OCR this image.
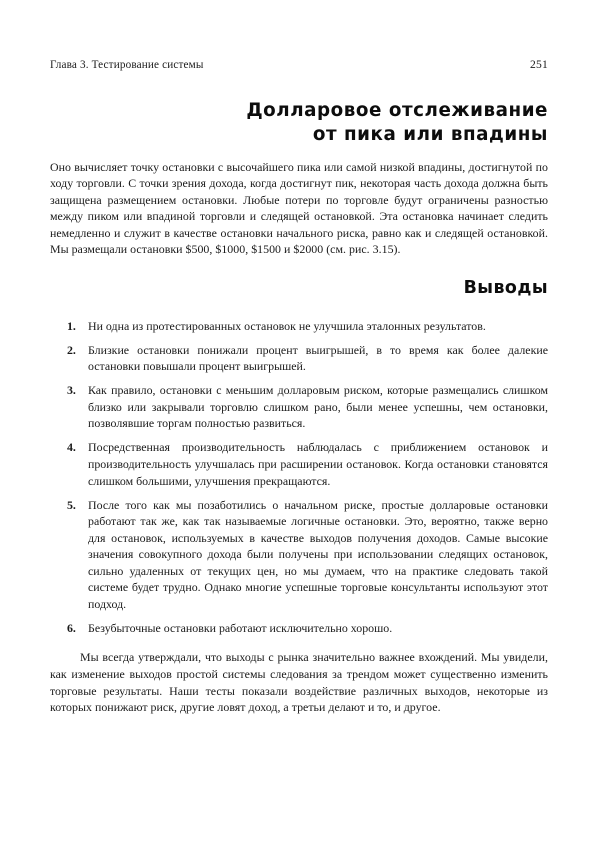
Глава 3. Тестирование системы	251
Долларовое отслеживание
от пика или впадины

Оно вычисляет точку остановки с высочайшего пика или самой низкой впадины, достигнутой по ходу торговли. С точки зрения дохода, когда достигнут пик, некоторая часть дохода должна быть защищена размещением остановки. Любые потери по торговле будут ограничены разностью между пиком или впадиной торговли и следящей остановкой. Эта остановка начинает следить немедленно и служит в качестве остановки начального риска, равно как и следящей остановкой. Мы размещали остановки $500, $1000, $1500 и $2000 (см. рис. 3.15).

Выводы
1.	Ни одна из протестированных остановок не улучшила эталонных результатов.
2.	Близкие остановки понижали процент выигрышей, в то время как более далекие остановки повышали процент выигрышей.
3.	Как правило, остановки с меньшим долларовым риском, которые размещались слишком близко или закрывали торговлю слишком рано, были менее успешны, чем остановки, позволявшие торгам полностью развиться.
4.	Посредственная производительность наблюдалась с приближением остановок и производительность улучшалась при расширении остановок. Когда остановки становятся слишком большими, улучшения прекращаются.
5.	После того как мы позаботились о начальном риске, простые долларовые остановки работают так же, как так называемые логичные остановки. Это, вероятно, также верно для остановок, используемых в качестве выходов получения доходов. Самые высокие значения совокупного дохода были получены при использовании следящих остановок, сильно удаленных от текущих цен, но мы думаем, что на практике следовать такой системе будет трудно. Однако многие успешные торговые консультанты используют этот подход.
6.	Безубыточные остановки работают исключительно хорошо.

Мы всегда утверждали, что выходы с рынка значительно важнее вхождений. Мы увидели, как изменение выходов простой системы следования за трендом может существенно изменить торговые результаты. Наши тесты показали воздействие различных выходов, некоторые из которых понижают риск, другие ловят доход, а третьи делают и то, и другое.
